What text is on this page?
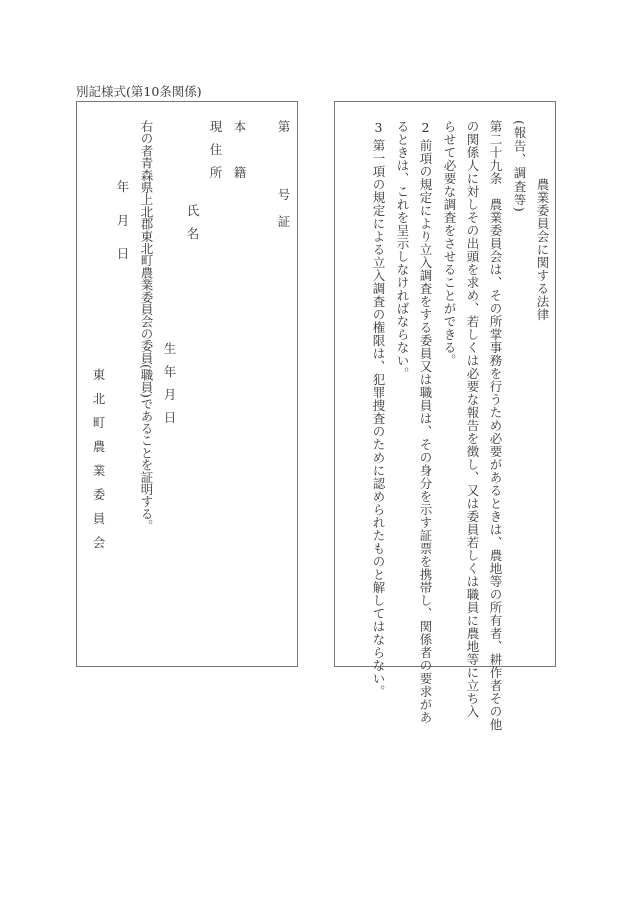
別記様式(第10条関係)
第
号
証
本
籍
現
住
所
氏
名
生
年
月
日
右の者青森県上北郡東北町農業委員会の委員(職員)であることを証明する。
年
月
日
東
北
町
農
業
委
員
会
農業委員会に関する法律
(報告、調査等)
第二十九条　農業委員会は、その所掌事務を行うため必要があるときは、農地等の所有者、耕作者その他
の関係人に対しその出頭を求め、若しくは必要な報告を徴し、又は委員若しくは職員に農地等に立ち入
らせて必要な調査をさせることができる。
2
前項の規定により立入調査をする委員又は職員は、その身分を示す証票を携帯し、関係者の要求があ
るときは、これを呈示しなければならない。
3
第一項の規定による立入調査の権限は、犯罪捜査のために認められたものと解してはならない。
